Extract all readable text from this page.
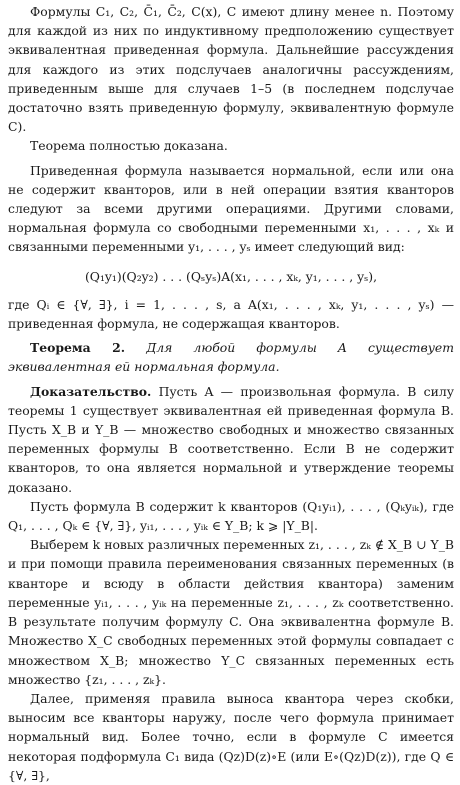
Формулы C₁, C₂, C̄₁, C̄₂, C(x), C имеют длину менее n. Поэтому для каждой из них по индуктивному предположению существует эквивалентная приведенная формула. Дальнейшие рассуждения для каждого из этих подслучаев аналогичны рассуждениям, приведенным выше для случаев 1–5 (в последнем подслучае достаточно взять приведенную формулу, эквивалентную формуле C).

Теорема полностью доказана.

Приведенная формула называется нормальной, если или она не содержит кванторов, или в ней операции взятия кванторов следуют за всеми другими операциями. Другими словами, нормальная формула со свободными переменными x₁, . . . , xₖ и связанными переменными y₁, . . . , yₛ имеет следующий вид:

(Q₁y₁)(Q₂y₂) . . . (Qₛyₛ)A(x₁, . . . , xₖ, y₁, . . . , yₛ),

где Qᵢ ∈ {∀, ∃}, i = 1, . . . , s, а A(x₁, . . . , xₖ, y₁, . . . , yₛ) — приведенная формула, не содержащая кванторов.

Теорема 2. Для любой формулы A существует эквивалентная ей нормальная формула.

Доказательство. Пусть A — произвольная формула. В силу теоремы 1 существует эквивалентная ей приведенная формула B. Пусть X_B и Y_B — множество свободных и множество связанных переменных формулы B соответственно. Если B не содержит кванторов, то она является нормальной и утверждение теоремы доказано.

Пусть формула B содержит k кванторов (Q₁yᵢ₁), . . . , (Qₖyᵢₖ), где Q₁, . . . , Qₖ ∈ {∀, ∃}, yᵢ₁, . . . , yᵢₖ ∈ Y_B; k ⩾ |Y_B|.

Выберем k новых различных переменных z₁, . . . , zₖ ∉ X_B ∪ Y_B и при помощи правила переименования связанных переменных (в кванторе и всюду в области действия квантора) заменим переменные yᵢ₁, . . . , yᵢₖ на переменные z₁, . . . , zₖ соответственно. В результате получим формулу C. Она эквивалентна формуле B. Множество X_C свободных переменных этой формулы совпадает с множеством X_B; множество Y_C связанных переменных есть множество {z₁, . . . , zₖ}.

Далее, применяя правила выноса квантора через скобки, выносим все кванторы наружу, после чего формула принимает нормальный вид. Более точно, если в формуле C имеется некоторая подформула C₁ вида (Qz)D(z)∘E (или E∘(Qz)D(z)), где Q ∈ {∀, ∃},
